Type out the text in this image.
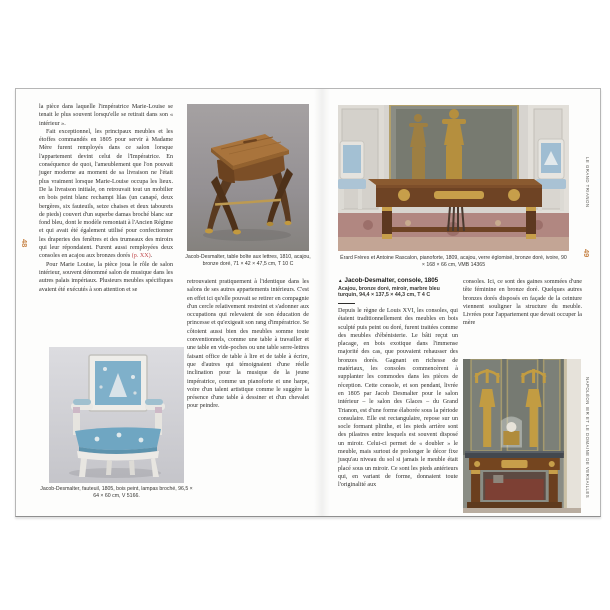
48

la pièce dans laquelle l'impératrice Marie-Louise se tenait le plus souvent lorsqu'elle se retirait dans son « intérieur ».

Fait exceptionnel, les principaux meubles et les étoffes commandés en 1805 pour servir à Madame Mère furent remployés dans ce salon lorsque l'appartement devint celui de l'Impératrice. En conséquence de quoi, l'ameublement que l'on pouvait juger moderne au moment de sa livraison ne l'était plus vraiment lorsque Marie-Louise occupa les lieux. De la livraison initiale, on retrouvait tout un mobilier en bois peint blanc rechampi lilas (un canapé, deux bergères, six fauteuils, seize chaises et deux tabourets de pieds) couvert d'un superbe damas broché blanc sur fond bleu, dont le modèle remontait à l'Ancien Régime et qui avait été également utilisé pour confectionner les draperies des fenêtres et des trumeaux des miroirs qui leur répondaient. Furent aussi remployées deux consoles en acajou aux bronzes dorés (p. XX).

Pour Marie Louise, la pièce joua le rôle de salon intérieur, souvent dénommé salon de musique dans les autres palais impériaux. Plusieurs meubles spécifiques avaient été exécutés à son attention et se

Jacob-Desmalter, table boîte aux lettres, 1810, acajou, bronze doré, 71 × 42 × 47,5 cm, T 10 C
retrouvaient pratiquement à l'identique dans les salons de ses autres appartements intérieurs. C'est en effet ici qu'elle pouvait se retirer en compagnie d'un cercle relativement restreint et s'adonner aux occupations qui relevaient de son éducation de princesse et qu'exigeait son rang d'impératrice. Se côtoient aussi bien des meubles somme toute conventionnels, comme une table à travailler et une table en vide-poches ou une table serre-lettres faisant office de table à lire et de table à écrire, que d'autres qui témoignaient d'une réelle inclination pour la musique de la jeune impératrice, comme un pianoforte et une harpe, voire d'un talent artistique comme le suggère la présence d'une table à dessiner et d'un chevalet pour peindre.
Jacob-Desmalter, fauteuil, 1805, bois peint, lampas broché, 96,5 × 64 × 60 cm, V 5166.
Érard Frères et Antoine Rascalon, pianoforte, 1809, acajou, verre églomisé, bronze doré, ivoire, 90 × 168 × 66 cm, VMB 14365
▲ Jacob-Desmalter, console, 1805
Acajou, bronze doré, miroir, marbre bleu turquin, 94,4 × 137,5 × 44,3 cm, T 4 C
Depuis le règne de Louis XVI, les consoles, qui étaient traditionnellement des meubles en bois sculpté puis peint ou doré, furent traitées comme des meubles d'ébénisterie. Le bâti reçut un placage, en bois exotique dans l'immense majorité des cas, que pouvaient rehausser des bronzes dorés. Gagnant en richesse de matériaux, les consoles commencèrent à supplanter les commodes dans les pièces de réception. Cette console, et son pendant, livrée en 1805 par Jacob Desmalter pour le salon intérieur – le salon des Glaces – du Grand Trianon, est d'une forme élaborée sous la période consulaire. Elle est rectangulaire, repose sur un socle formant plinthe, et les pieds arrière sont des pilastres entre lesquels est souvent disposé un miroir. Celui-ci permet de « doubler » le meuble, mais surtout de prolonger le décor fixe jusqu'au niveau du sol si jamais le meuble était placé sous un miroir. Ce sont les pieds antérieurs qui, en variant de forme, donnaient toute l'originalité aux
consoles. Ici, ce sont des gaines sommées d'une tête féminine en bronze doré. Quelques autres bronzes dorés disposés en façade de la ceinture viennent souligner la structure du meuble. Livrées pour l'appartement que devait occuper la mère
LE GRAND TRIANON
49
NAPOLÉON IER ET LE DOMAINE DE VERSAILLES
